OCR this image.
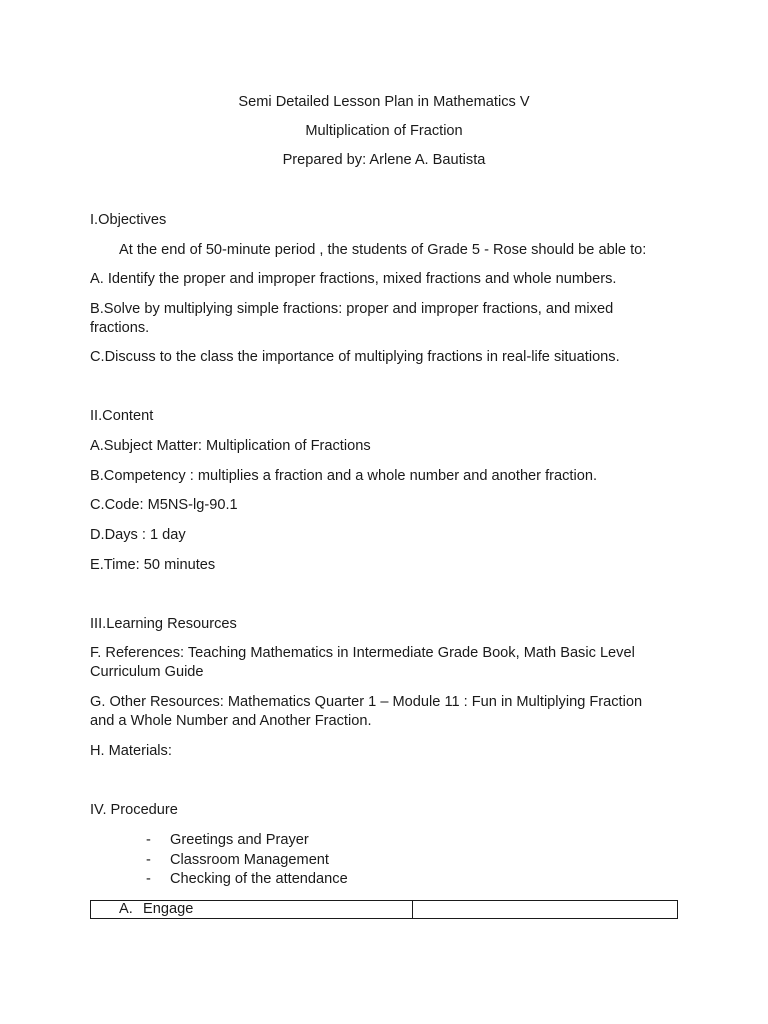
Semi Detailed Lesson Plan in Mathematics V
Multiplication of Fraction
Prepared by: Arlene A. Bautista
I.Objectives
At the end of 50-minute period , the students of Grade 5 - Rose should be able to:
A. Identify the proper and improper fractions, mixed fractions and whole numbers.
B.Solve by multiplying simple fractions: proper and improper fractions, and mixed fractions.
C.Discuss to the class the importance of multiplying fractions in real-life situations.
II.Content
A.Subject Matter: Multiplication of Fractions
B.Competency : multiplies a fraction and a whole number and another fraction.
C.Code: M5NS-lg-90.1
D.Days : 1 day
E.Time: 50 minutes
III.Learning Resources
F. References: Teaching Mathematics in Intermediate Grade Book, Math Basic Level Curriculum Guide
G. Other Resources: Mathematics Quarter 1 – Module 11 : Fun in Multiplying Fraction and a Whole Number and Another Fraction.
H. Materials:
IV. Procedure
- Greetings and Prayer
- Classroom Management
- Checking of the attendance
A. Engage	
